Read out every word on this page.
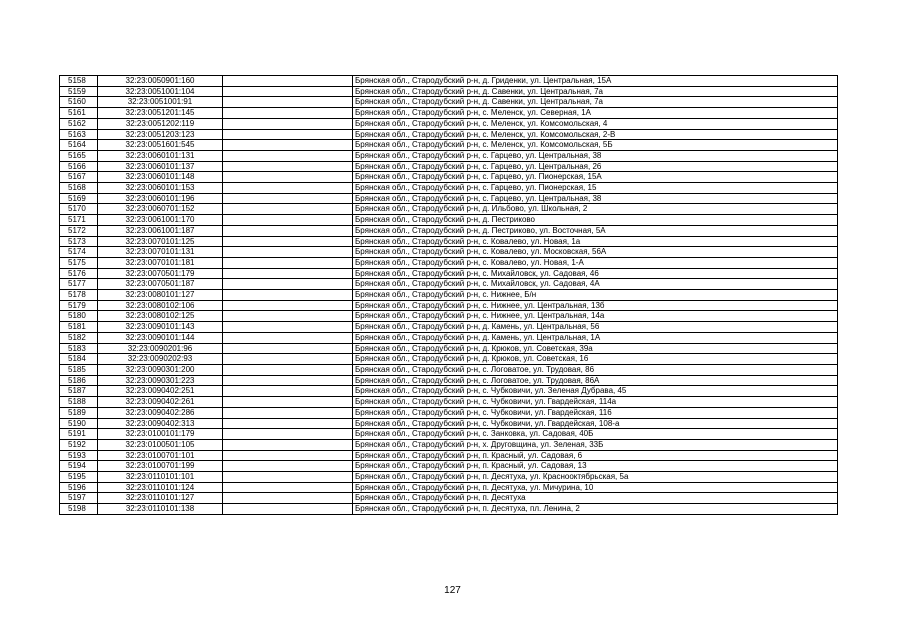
5158	32:23:0050901:160		Брянская обл., Стародубский р-н, д. Гриденки, ул. Центральная, 15А
5159	32:23:0051001:104		Брянская обл., Стародубский р-н, д. Савенки, ул. Центральная, 7а
5160	32:23:0051001:91		Брянская обл., Стародубский р-н, д. Савенки, ул. Центральная, 7а
5161	32:23:0051201:145		Брянская обл., Стародубский р-н, с. Меленск, ул. Северная, 1А
5162	32:23:0051202:119		Брянская обл., Стародубский р-н, с. Меленск, ул. Комсомольская, 4
5163	32:23:0051203:123		Брянская обл., Стародубский р-н, с. Меленск, ул. Комсомольская, 2-В
5164	32:23:0051601:545		Брянская обл., Стародубский р-н, с. Меленск, ул. Комсомольская, 5Б
5165	32:23:0060101:131		Брянская обл., Стародубский р-н, с. Гарцево, ул. Центральная, 38
5166	32:23:0060101:137		Брянская обл., Стародубский р-н, с. Гарцево, ул. Центральная, 26
5167	32:23:0060101:148		Брянская обл., Стародубский р-н, с. Гарцево, ул. Пионерская, 15А
5168	32:23:0060101:153		Брянская обл., Стародубский р-н, с. Гарцево, ул. Пионерская, 15
5169	32:23:0060101:196		Брянская обл., Стародубский р-н, с. Гарцево, ул. Центральная, 38
5170	32:23:0060701:152		Брянская обл., Стародубский р-н, д. Ильбово, ул. Школьная, 2
5171	32:23:0061001:170		Брянская обл., Стародубский р-н, д. Пестриково
5172	32:23:0061001:187		Брянская обл., Стародубский р-н, д. Пестриково, ул. Восточная, 5А
5173	32:23:0070101:125		Брянская обл., Стародубский р-н, с. Ковалево, ул. Новая, 1а
5174	32:23:0070101:131		Брянская обл., Стародубский р-н, с. Ковалево, ул. Московская, 56А
5175	32:23:0070101:181		Брянская обл., Стародубский р-н, с. Ковалево, ул. Новая, 1-А
5176	32:23:0070501:179		Брянская обл., Стародубский р-н, с. Михайловск, ул. Садовая, 46
5177	32:23:0070501:187		Брянская обл., Стародубский р-н, с. Михайловск, ул. Садовая, 4А
5178	32:23:0080101:127		Брянская обл., Стародубский р-н, с. Нижнее, Б/н
5179	32:23:0080102:106		Брянская обл., Стародубский р-н, с. Нижнее, ул. Центральная, 13б
5180	32:23:0080102:125		Брянская обл., Стародубский р-н, с. Нижнее, ул. Центральная, 14а
5181	32:23:0090101:143		Брянская обл., Стародубский р-н, д. Камень, ул. Центральная, 56
5182	32:23:0090101:144		Брянская обл., Стародубский р-н, д. Камень, ул. Центральная, 1А
5183	32:23:0090201:96		Брянская обл., Стародубский р-н, д. Крюков, ул. Советская, 39а
5184	32:23:0090202:93		Брянская обл., Стародубский р-н, д. Крюков, ул. Советская, 16
5185	32:23:0090301:200		Брянская обл., Стародубский р-н, с. Логоватое, ул. Трудовая, 86
5186	32:23:0090301:223		Брянская обл., Стародубский р-н, с. Логоватое, ул. Трудовая, 86А
5187	32:23:0090402:251		Брянская обл., Стародубский р-н, с. Чубковичи, ул. Зеленая Дубрава, 45
5188	32:23:0090402:261		Брянская обл., Стародубский р-н, с. Чубковичи, ул. Гвардейская, 114а
5189	32:23:0090402:286		Брянская обл., Стародубский р-н, с. Чубковичи, ул. Гвардейская, 116
5190	32:23:0090402:313		Брянская обл., Стародубский р-н, с. Чубковичи, ул. Гвардейская, 108-а
5191	32:23:0100101:179		Брянская обл., Стародубский р-н, с. Занковка, ул. Садовая, 40Б
5192	32:23:0100501:105		Брянская обл., Стародубский р-н, х. Друговщина, ул. Зеленая, 33Б
5193	32:23:0100701:101		Брянская обл., Стародубский р-н, п. Красный, ул. Садовая, 6
5194	32:23:0100701:199		Брянская обл., Стародубский р-н, п. Красный, ул. Садовая, 13
5195	32:23:0110101:101		Брянская обл., Стародубский р-н, п. Десятуха, ул. Краснооктябрьская, 5а
5196	32:23:0110101:124		Брянская обл., Стародубский р-н, п. Десятуха, ул. Мичурина, 10
5197	32:23:0110101:127		Брянская обл., Стародубский р-н, п. Десятуха
5198	32:23:0110101:138		Брянская обл., Стародубский р-н, п. Десятуха, пл. Ленина, 2
127
